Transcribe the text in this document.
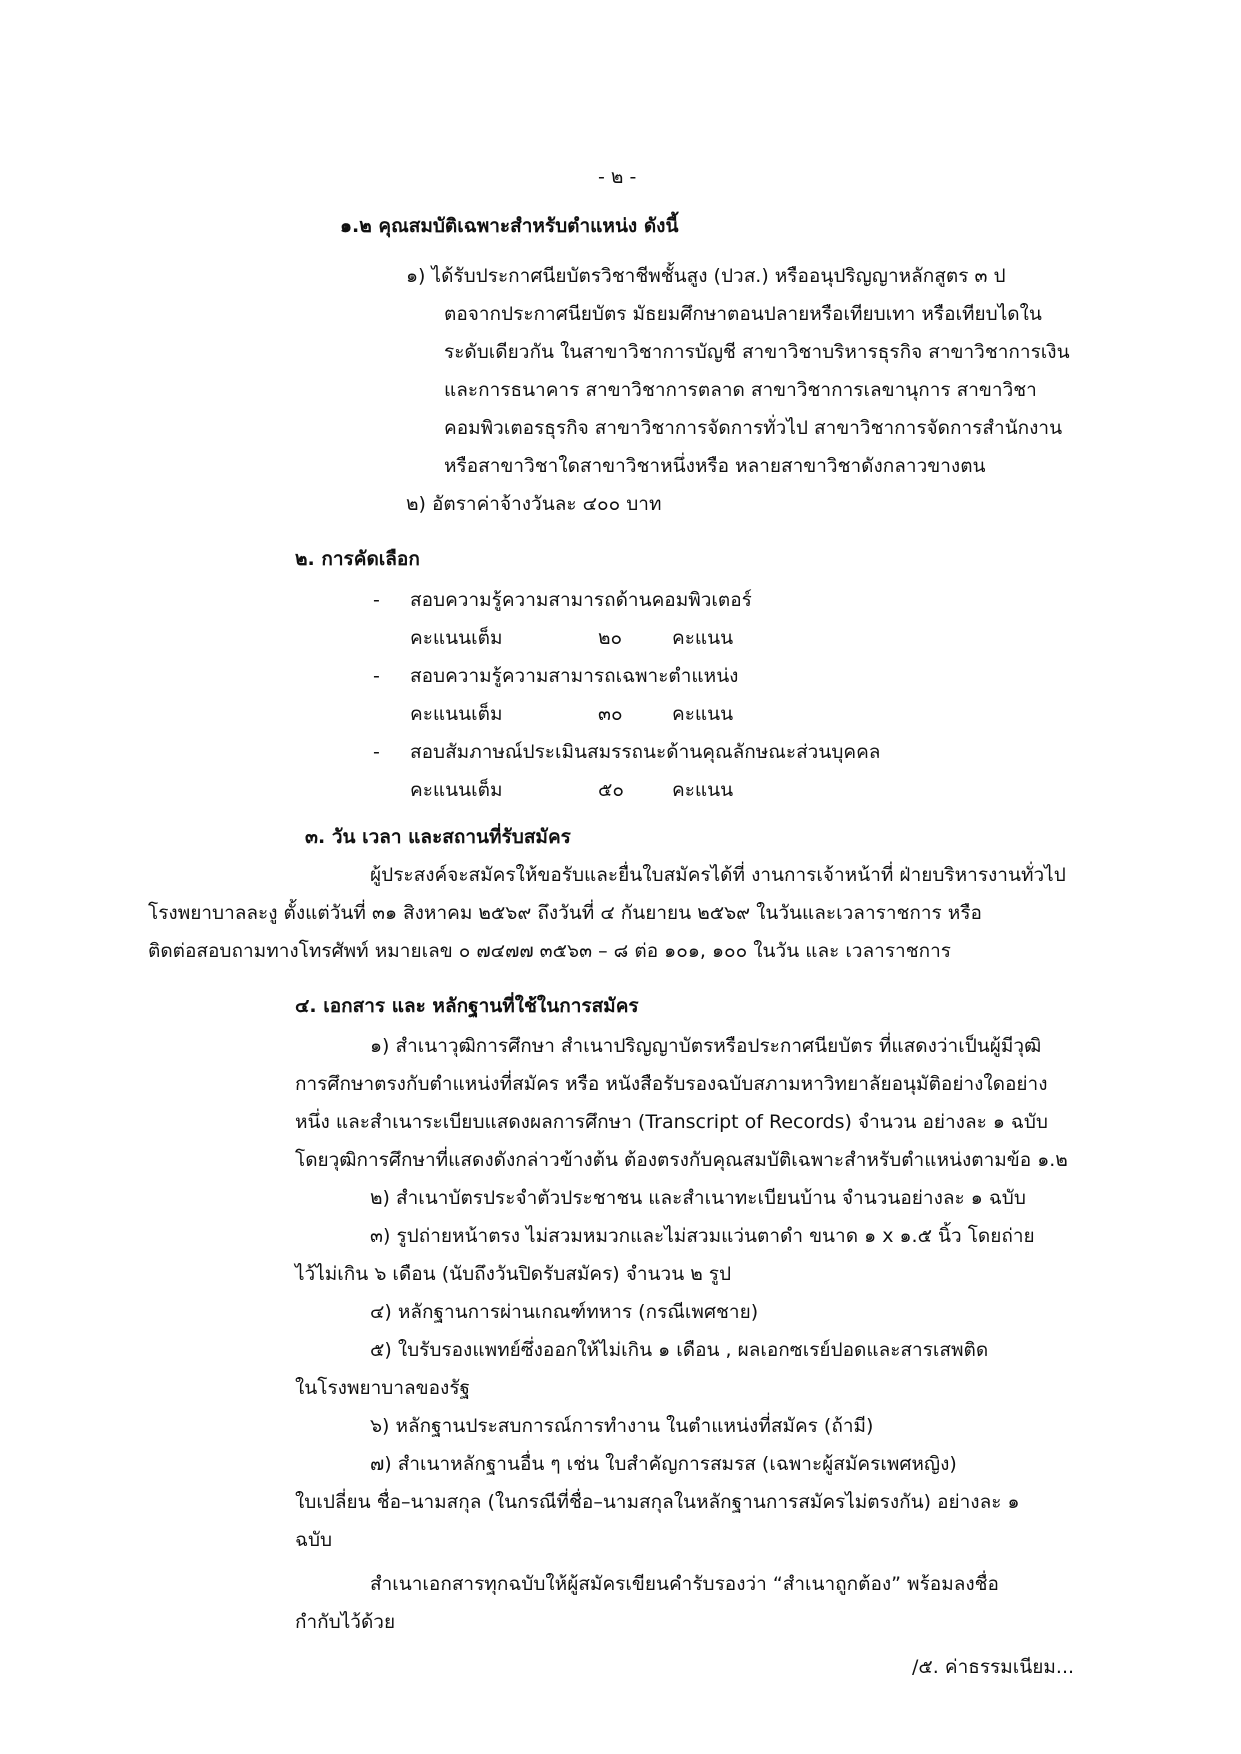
- ๒ -
๑.๒ คุณสมบัติเฉพาะสำหรับตำแหน่ง ดังนี้
๑) ได้รับประกาศนียบัตรวิชาชีพชั้นสูง (ปวส.) หรืออนุปริญญาหลักสูตร ๓ ป
ตอจากประกาศนียบัตร มัธยมศึกษาตอนปลายหรือเทียบเทา หรือเทียบไดใน
ระดับเดียวกัน ในสาขาวิชาการบัญชี สาขาวิชาบริหารธุรกิจ สาขาวิชาการเงิน
และการธนาคาร สาขาวิชาการตลาด สาขาวิชาการเลขานุการ สาขาวิชา
คอมพิวเตอรธุรกิจ สาขาวิชาการจัดการทั่วไป สาขาวิชาการจัดการสำนักงาน
หรือสาขาวิชาใดสาขาวิชาหนึ่งหรือ หลายสาขาวิชาดังกลาวขางตน
๒) อัตราค่าจ้างวันละ ๔๐๐ บาท
๒. การคัดเลือก
- สอบความรู้ความสามารถด้านคอมพิวเตอร์
คะแนนเต็ม	๒๐	คะแนน
- สอบความรู้ความสามารถเฉพาะตำแหน่ง
คะแนนเต็ม	๓๐	คะแนน
- สอบสัมภาษณ์ประเมินสมรรถนะด้านคุณลักษณะส่วนบุคคล
คะแนนเต็ม	๕๐	คะแนน
๓. วัน เวลา และสถานที่รับสมัคร
ผู้ประสงค์จะสมัครให้ขอรับและยื่นใบสมัครได้ที่ งานการเจ้าหน้าที่ ฝ่ายบริหารงานทั่วไป
โรงพยาบาลละงู ตั้งแต่วันที่ ๓๑ สิงหาคม ๒๕๖๙ ถึงวันที่ ๔ กันยายน ๒๕๖๙ ในวันและเวลาราชการ หรือ
ติดต่อสอบถามทางโทรศัพท์ หมายเลข ๐ ๗๔๗๗ ๓๕๖๓ – ๘ ต่อ ๑๐๑, ๑๐๐ ในวัน และ เวลาราชการ
๔. เอกสาร และ หลักฐานที่ใช้ในการสมัคร
๑) สำเนาวุฒิการศึกษา สำเนาปริญญาบัตรหรือประกาศนียบัตร ที่แสดงว่าเป็นผู้มีวุฒิ
การศึกษาตรงกับตำแหน่งที่สมัคร หรือ หนังสือรับรองฉบับสภามหาวิทยาลัยอนุมัติอย่างใดอย่าง
หนึ่ง และสำเนาระเบียบแสดงผลการศึกษา (Transcript of Records) จำนวน อย่างละ ๑ ฉบับ
โดยวุฒิการศึกษาที่แสดงดังกล่าวข้างต้น ต้องตรงกับคุณสมบัติเฉพาะสำหรับตำแหน่งตามข้อ ๑.๒
๒) สำเนาบัตรประจำตัวประชาชน และสำเนาทะเบียนบ้าน จำนวนอย่างละ ๑ ฉบับ
๓) รูปถ่ายหน้าตรง ไม่สวมหมวกและไม่สวมแว่นตาดำ ขนาด ๑ x ๑.๕ นิ้ว โดยถ่าย
ไว้ไม่เกิน ๖ เดือน (นับถึงวันปิดรับสมัคร) จำนวน ๒ รูป
๔) หลักฐานการผ่านเกณฑ์ทหาร (กรณีเพศชาย)
๕) ใบรับรองแพทย์ซึ่งออกให้ไม่เกิน ๑ เดือน , ผลเอกซเรย์ปอดและสารเสพติด
ในโรงพยาบาลของรัฐ
๖) หลักฐานประสบการณ์การทำงาน ในตำแหน่งที่สมัคร (ถ้ามี)
๗) สำเนาหลักฐานอื่น ๆ เช่น ใบสำคัญการสมรส (เฉพาะผู้สมัครเพศหญิง)
ใบเปลี่ยน ชื่อ–นามสกุล (ในกรณีที่ชื่อ–นามสกุลในหลักฐานการสมัครไม่ตรงกัน) อย่างละ ๑
ฉบับ
สำเนาเอกสารทุกฉบับให้ผู้สมัครเขียนคำรับรองว่า “สำเนาถูกต้อง” พร้อมลงชื่อ
กำกับไว้ด้วย
/๕. ค่าธรรมเนียม...
